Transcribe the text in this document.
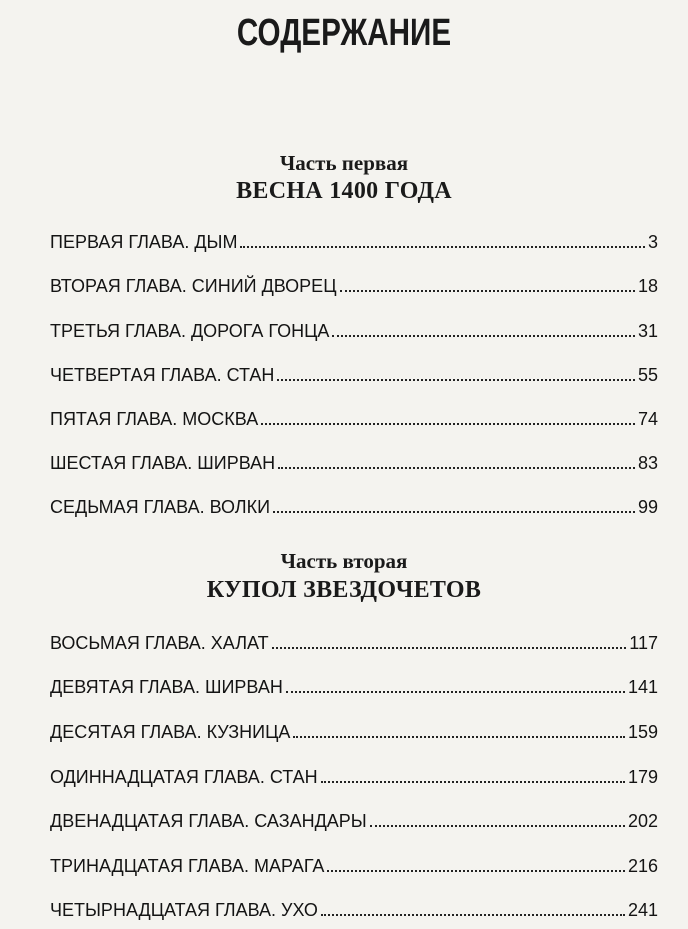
СОДЕРЖАНИЕ
Часть первая
ВЕСНА 1400 ГОДА
ПЕРВАЯ ГЛАВА. ДЫМ	3
ВТОРАЯ ГЛАВА. СИНИЙ ДВОРЕЦ	18
ТРЕТЬЯ ГЛАВА. ДОРОГА ГОНЦА	31
ЧЕТВЕРТАЯ ГЛАВА. СТАН	55
ПЯТАЯ ГЛАВА. МОСКВА	74
ШЕСТАЯ ГЛАВА. ШИРВАН	83
СЕДЬМАЯ ГЛАВА. ВОЛКИ	99
Часть вторая
КУПОЛ ЗВЕЗДОЧЕТОВ
ВОСЬМАЯ ГЛАВА. ХАЛАТ	117
ДЕВЯТАЯ ГЛАВА. ШИРВАН	141
ДЕСЯТАЯ ГЛАВА. КУЗНИЦА	159
ОДИННАДЦАТАЯ ГЛАВА. СТАН	179
ДВЕНАДЦАТАЯ ГЛАВА. САЗАНДАРЫ	202
ТРИНАДЦАТАЯ ГЛАВА. МАРАГА	216
ЧЕТЫРНАДЦАТАЯ ГЛАВА. УХО	241
